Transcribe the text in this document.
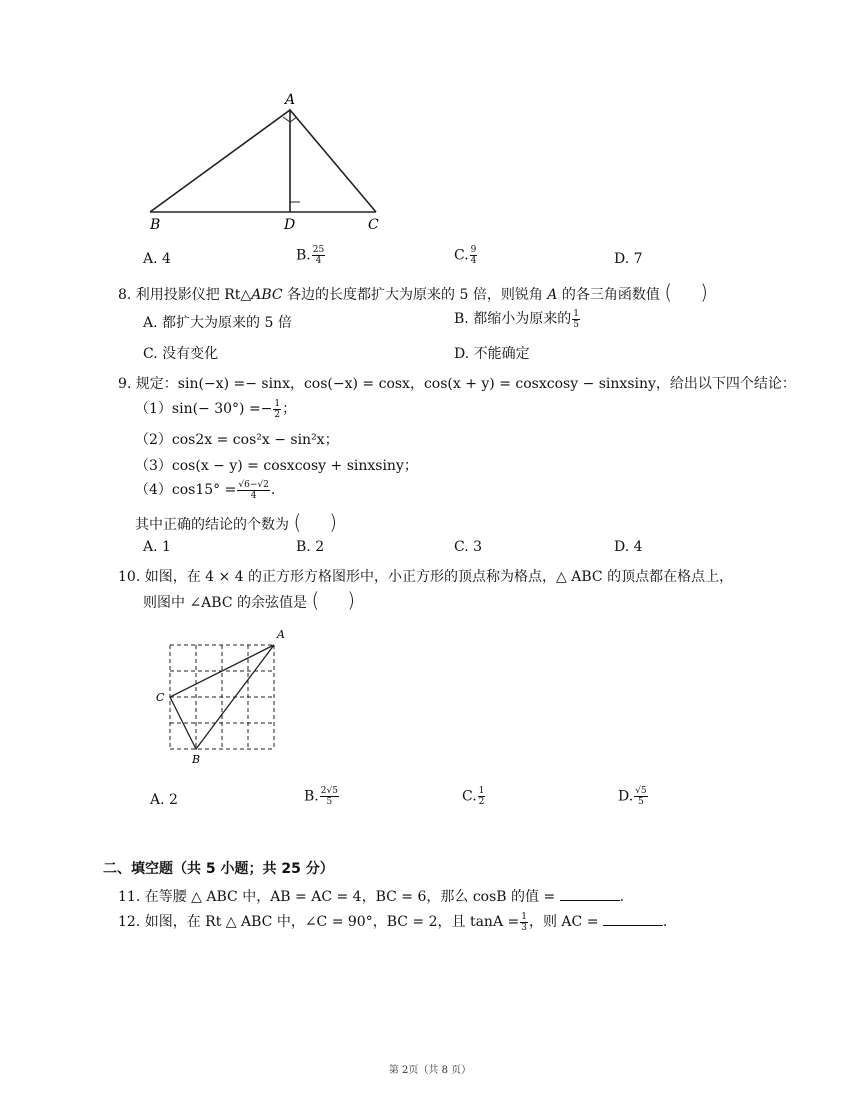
A
B	D	C
A. 4	B. $\frac{25}{4}$	C. $\frac{9}{4}$	D. 7
8. 利用投影仪把 Rt△ABC 各边的长度都扩大为原来的 5 倍，则锐角 A 的各三角函数值 ( )
A. 都扩大为原来的 5 倍	B. 都缩小为原来的 $\frac{1}{5}$
C. 没有变化	D. 不能确定
9. 规定：sin(−x) =− sinx，cos(−x) = cosx，cos(x + y) = cosxcosy − sinxsiny，给出以下四个结论：
$(1)\sin(- 30^\circ) =- \frac{1}{2}$ ；
（2）cos2x = cos²x − sin²x；
（3）cos(x − y) = cosxcosy + sinxsiny；
$(4)\cos 15^\circ = \frac{√6-√2}{4}$ .
其中正确的结论的个数为 ( )
A. 1	B. 2	C. 3	D. 4
10. 如图，在 4 × 4 的正方形方格图形中，小正方形的顶点称为格点，△ ABC 的顶点都在格点上，
则图中 ∠ABC 的余弦值是 ( )
A
C
B
A. 2	B. $\frac{2√5}{5}$	C. $\frac{1}{2}$	D. $\frac{√5}{5}$
二、填空题（共 5 小题；共 25 分）
11. 在等腰 △ ABC 中，AB = AC = 4，BC = 6，那么 cosB 的值 =	.
12. 如图，在 Rt △ ABC 中，∠C = 90°，BC = 2，且 $\tan A = \frac{1}{3}$ ，则 AC =	.
第 2页（共 8 页）
